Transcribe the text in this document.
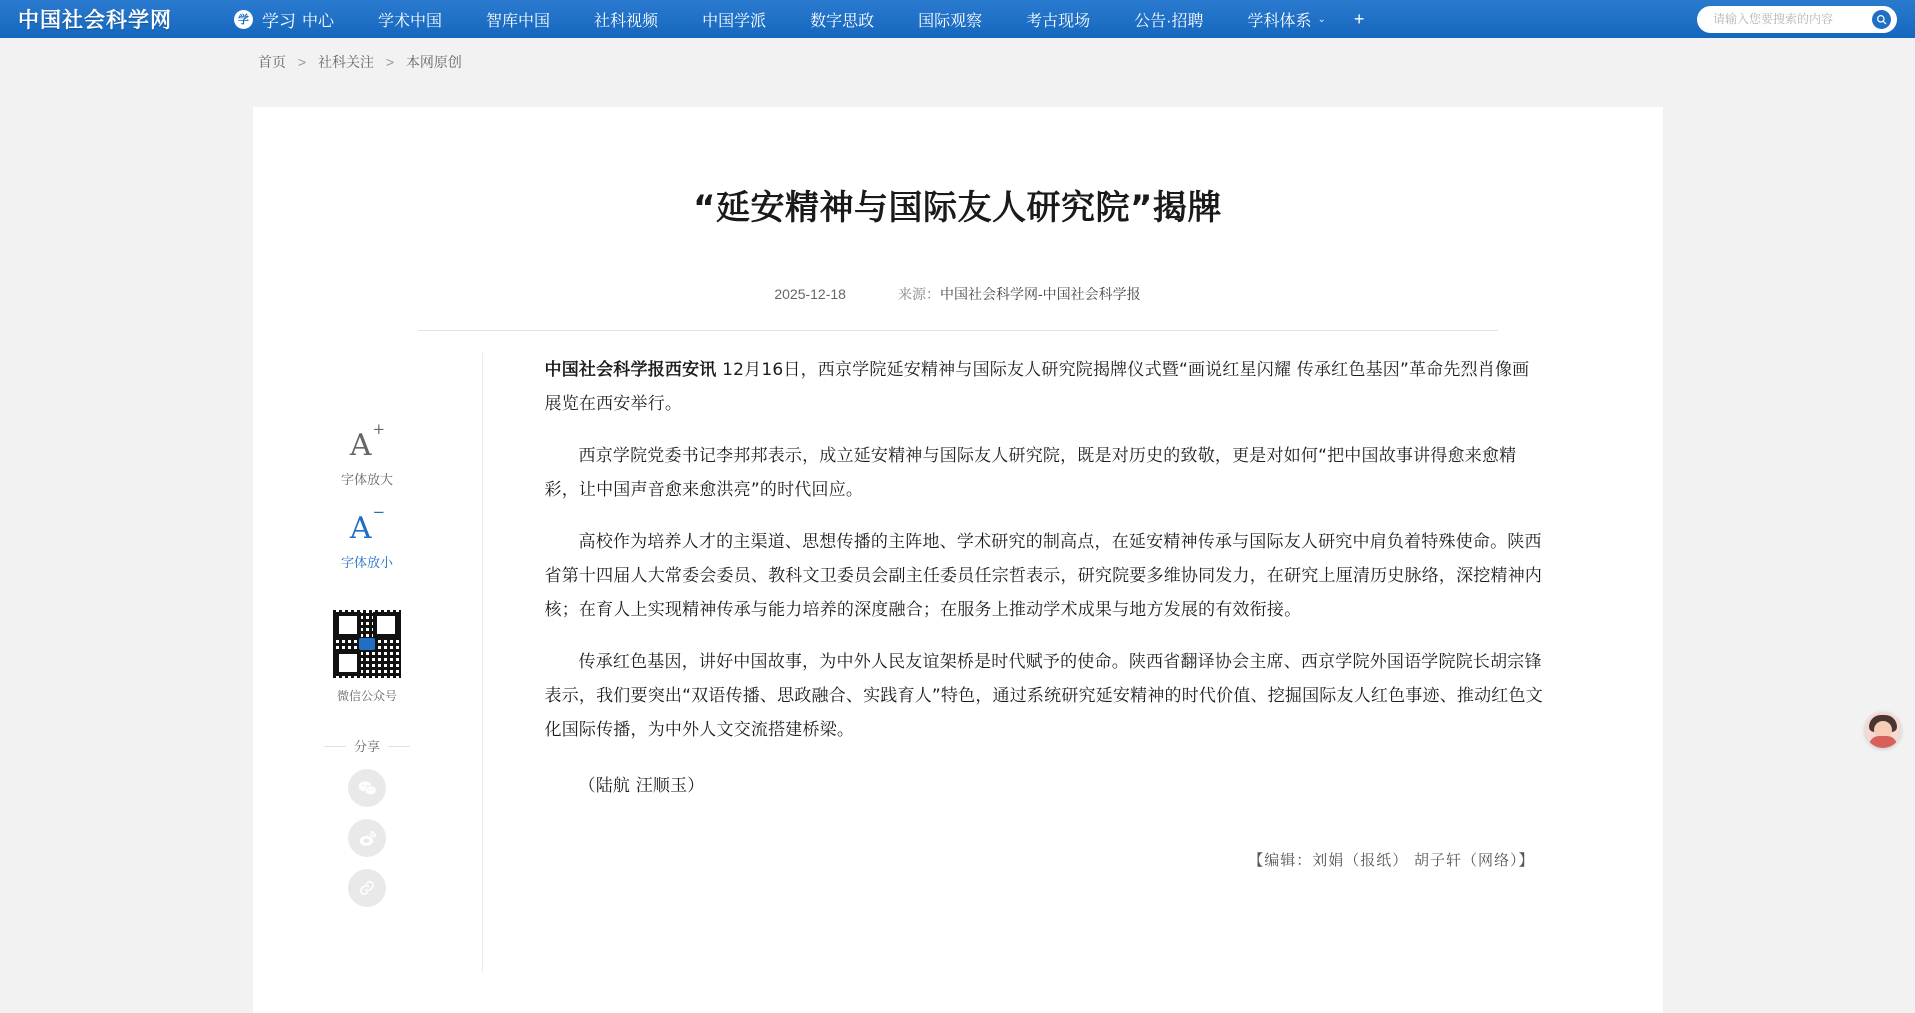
中国社会科学网	学 学习 中心	学术中国	智库中国	社科视频	中国学派	数字思政	国际观察	考古现场	公告·招聘	学科体系 ⌄	+
请输入您要搜索的内容
首页 > 社科关注 > 本网原创
“延安精神与国际友人研究院”揭牌
2025-12-18	来源：中国社会科学网-中国社会科学报
A+
字体放大
A−
字体放小
微信公众号
分享

中国社会科学报西安讯 12月16日，西京学院延安精神与国际友人研究院揭牌仪式暨“画说红星闪耀 传承红色基因”革命先烈肖像画展览在西安举行。

西京学院党委书记李邦邦表示，成立延安精神与国际友人研究院，既是对历史的致敬，更是对如何“把中国故事讲得愈来愈精彩，让中国声音愈来愈洪亮”的时代回应。

高校作为培养人才的主渠道、思想传播的主阵地、学术研究的制高点，在延安精神传承与国际友人研究中肩负着特殊使命。陕西省第十四届人大常委会委员、教科文卫委员会副主任委员任宗哲表示，研究院要多维协同发力，在研究上厘清历史脉络，深挖精神内核；在育人上实现精神传承与能力培养的深度融合；在服务上推动学术成果与地方发展的有效衔接。

传承红色基因，讲好中国故事，为中外人民友谊架桥是时代赋予的使命。陕西省翻译协会主席、西京学院外国语学院院长胡宗锋表示，我们要突出“双语传播、思政融合、实践育人”特色，通过系统研究延安精神的时代价值、挖掘国际友人红色事迹、推动红色文化国际传播，为中外人文交流搭建桥梁。

（陆航 汪顺玉）

【编辑：刘娟（报纸） 胡子轩（网络）】
